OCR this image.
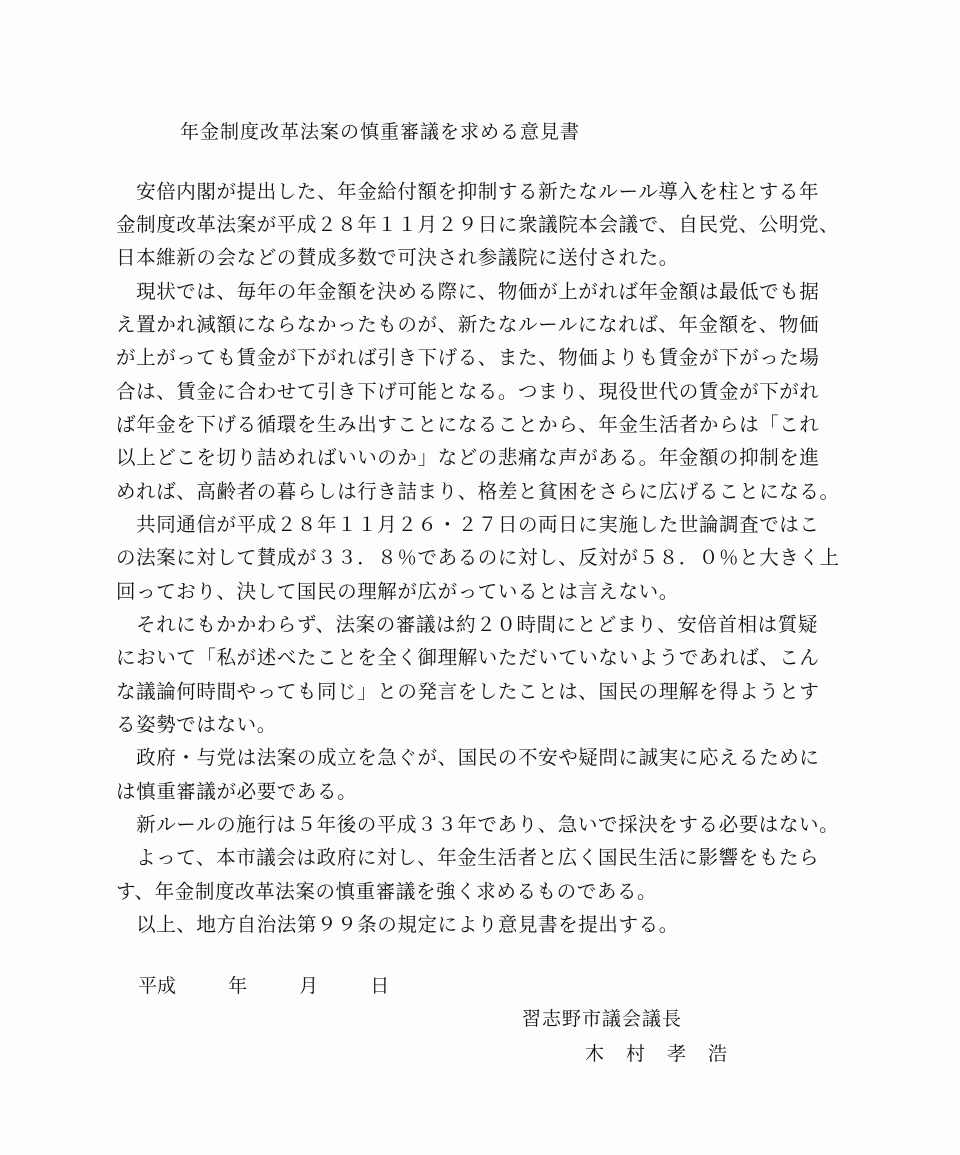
年金制度改革法案の慎重審議を求める意見書
　安倍内閣が提出した、年金給付額を抑制する新たなルール導入を柱とする年
金制度改革法案が平成２８年１１月２９日に衆議院本会議で、自民党、公明党、
日本維新の会などの賛成多数で可決され参議院に送付された。
　現状では、毎年の年金額を決める際に、物価が上がれば年金額は最低でも据
え置かれ減額にならなかったものが、新たなルールになれば、年金額を、物価
が上がっても賃金が下がれば引き下げる、また、物価よりも賃金が下がった場
合は、賃金に合わせて引き下げ可能となる。つまり、現役世代の賃金が下がれ
ば年金を下げる循環を生み出すことになることから、年金生活者からは「これ
以上どこを切り詰めればいいのか」などの悲痛な声がある。年金額の抑制を進
めれば、高齢者の暮らしは行き詰まり、格差と貧困をさらに広げることになる。
　共同通信が平成２８年１１月２６・２７日の両日に実施した世論調査ではこ
の法案に対して賛成が３３．８％であるのに対し、反対が５８．０％と大きく上
回っており、決して国民の理解が広がっているとは言えない。
　それにもかかわらず、法案の審議は約２０時間にとどまり、安倍首相は質疑
において「私が述べたことを全く御理解いただいていないようであれば、こん
な議論何時間やっても同じ」との発言をしたことは、国民の理解を得ようとす
る姿勢ではない。
　政府・与党は法案の成立を急ぐが、国民の不安や疑問に誠実に応えるために
は慎重審議が必要である。
　新ルールの施行は５年後の平成３３年であり、急いで採決をする必要はない。
　よって、本市議会は政府に対し、年金生活者と広く国民生活に影響をもたら
す、年金制度改革法案の慎重審議を強く求めるものである。
　以上、地方自治法第９９条の規定により意見書を提出する。
平成	年	月	日
習志野市議会議長
木村孝浩
